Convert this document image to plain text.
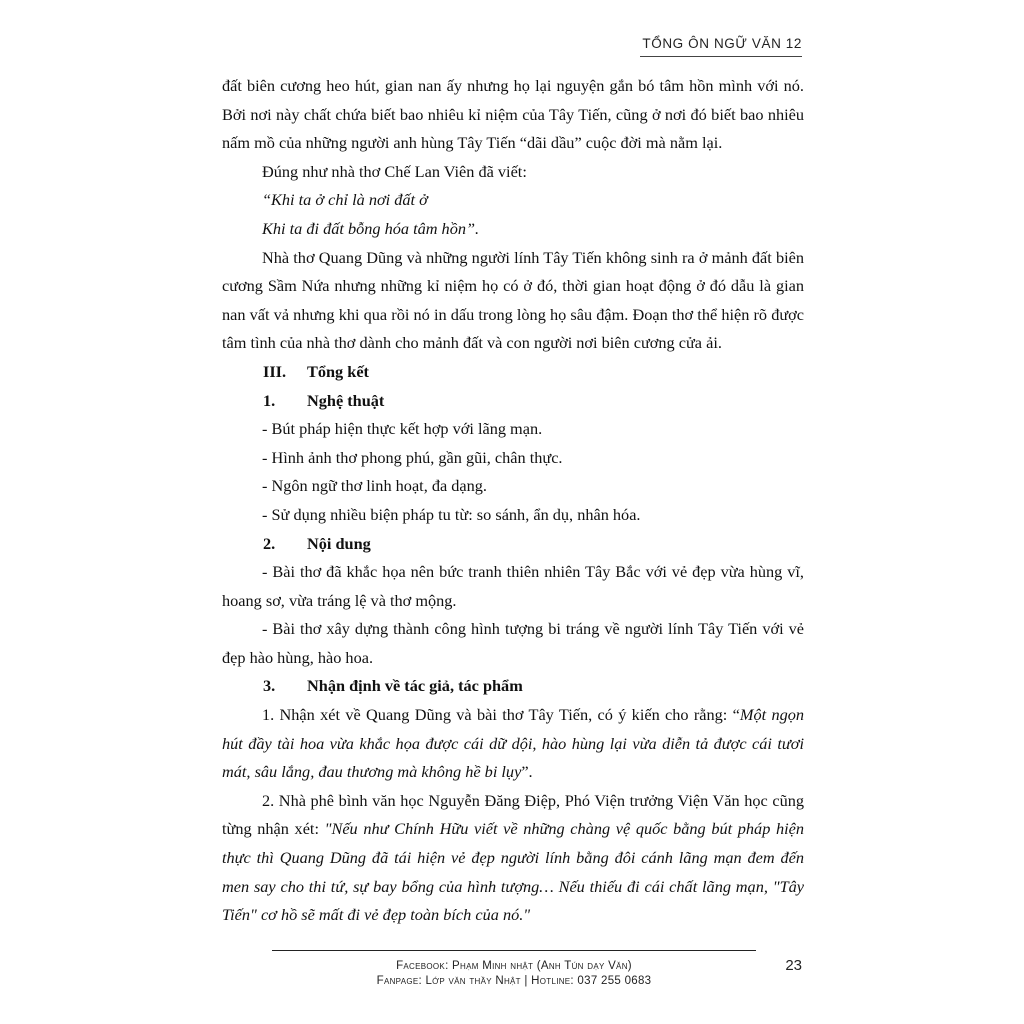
TỔNG ÔN NGỮ VĂN 12

đất biên cương heo hút, gian nan ấy nhưng họ lại nguyện gắn bó tâm hồn mình với nó. Bởi nơi này chất chứa biết bao nhiêu kỉ niệm của Tây Tiến, cũng ở nơi đó biết bao nhiêu nấm mồ của những người anh hùng Tây Tiến “dãi dầu” cuộc đời mà nằm lại.

Đúng như nhà thơ Chế Lan Viên đã viết:

“Khi ta ở chỉ là nơi đất ở

Khi ta đi đất bỗng hóa tâm hồn”.

Nhà thơ Quang Dũng và những người lính Tây Tiến không sinh ra ở mảnh đất biên cương Sầm Nứa nhưng những kỉ niệm họ có ở đó, thời gian hoạt động ở đó dẫu là gian nan vất vả nhưng khi qua rồi nó in dấu trong lòng họ sâu đậm. Đoạn thơ thể hiện rõ được tâm tình của nhà thơ dành cho mảnh đất và con người nơi biên cương cửa ải.

III. Tổng kết

1. Nghệ thuật

- Bút pháp hiện thực kết hợp với lãng mạn.

- Hình ảnh thơ phong phú, gần gũi, chân thực.

- Ngôn ngữ thơ linh hoạt, đa dạng.

- Sử dụng nhiều biện pháp tu từ: so sánh, ẩn dụ, nhân hóa.

2. Nội dung

- Bài thơ đã khắc họa nên bức tranh thiên nhiên Tây Bắc với vẻ đẹp vừa hùng vĩ, hoang sơ, vừa tráng lệ và thơ mộng.

- Bài thơ xây dựng thành công hình tượng bi tráng về người lính Tây Tiến với vẻ đẹp hào hùng, hào hoa.

3. Nhận định về tác giả, tác phẩm

1. Nhận xét về Quang Dũng và bài thơ Tây Tiến, có ý kiến cho rằng: “Một ngọn hút đầy tài hoa vừa khắc họa được cái dữ dội, hào hùng lại vừa diễn tả được cái tươi mát, sâu lắng, đau thương mà không hề bi lụy”.

2. Nhà phê bình văn học Nguyễn Đăng Điệp, Phó Viện trưởng Viện Văn học cũng từng nhận xét: "Nếu như Chính Hữu viết về những chàng vệ quốc bằng bút pháp hiện thực thì Quang Dũng đã tái hiện vẻ đẹp người lính bằng đôi cánh lãng mạn đem đến men say cho thi tứ, sự bay bổng của hình tượng… Nếu thiếu đi cái chất lãng mạn, "Tây Tiến" cơ hồ sẽ mất đi vẻ đẹp toàn bích của nó."

Facebook: Phạm Minh nhật (Anh Tún dạy Văn)
Fanpage: Lớp văn thầy Nhật | Hotline: 037 255 0683
23
